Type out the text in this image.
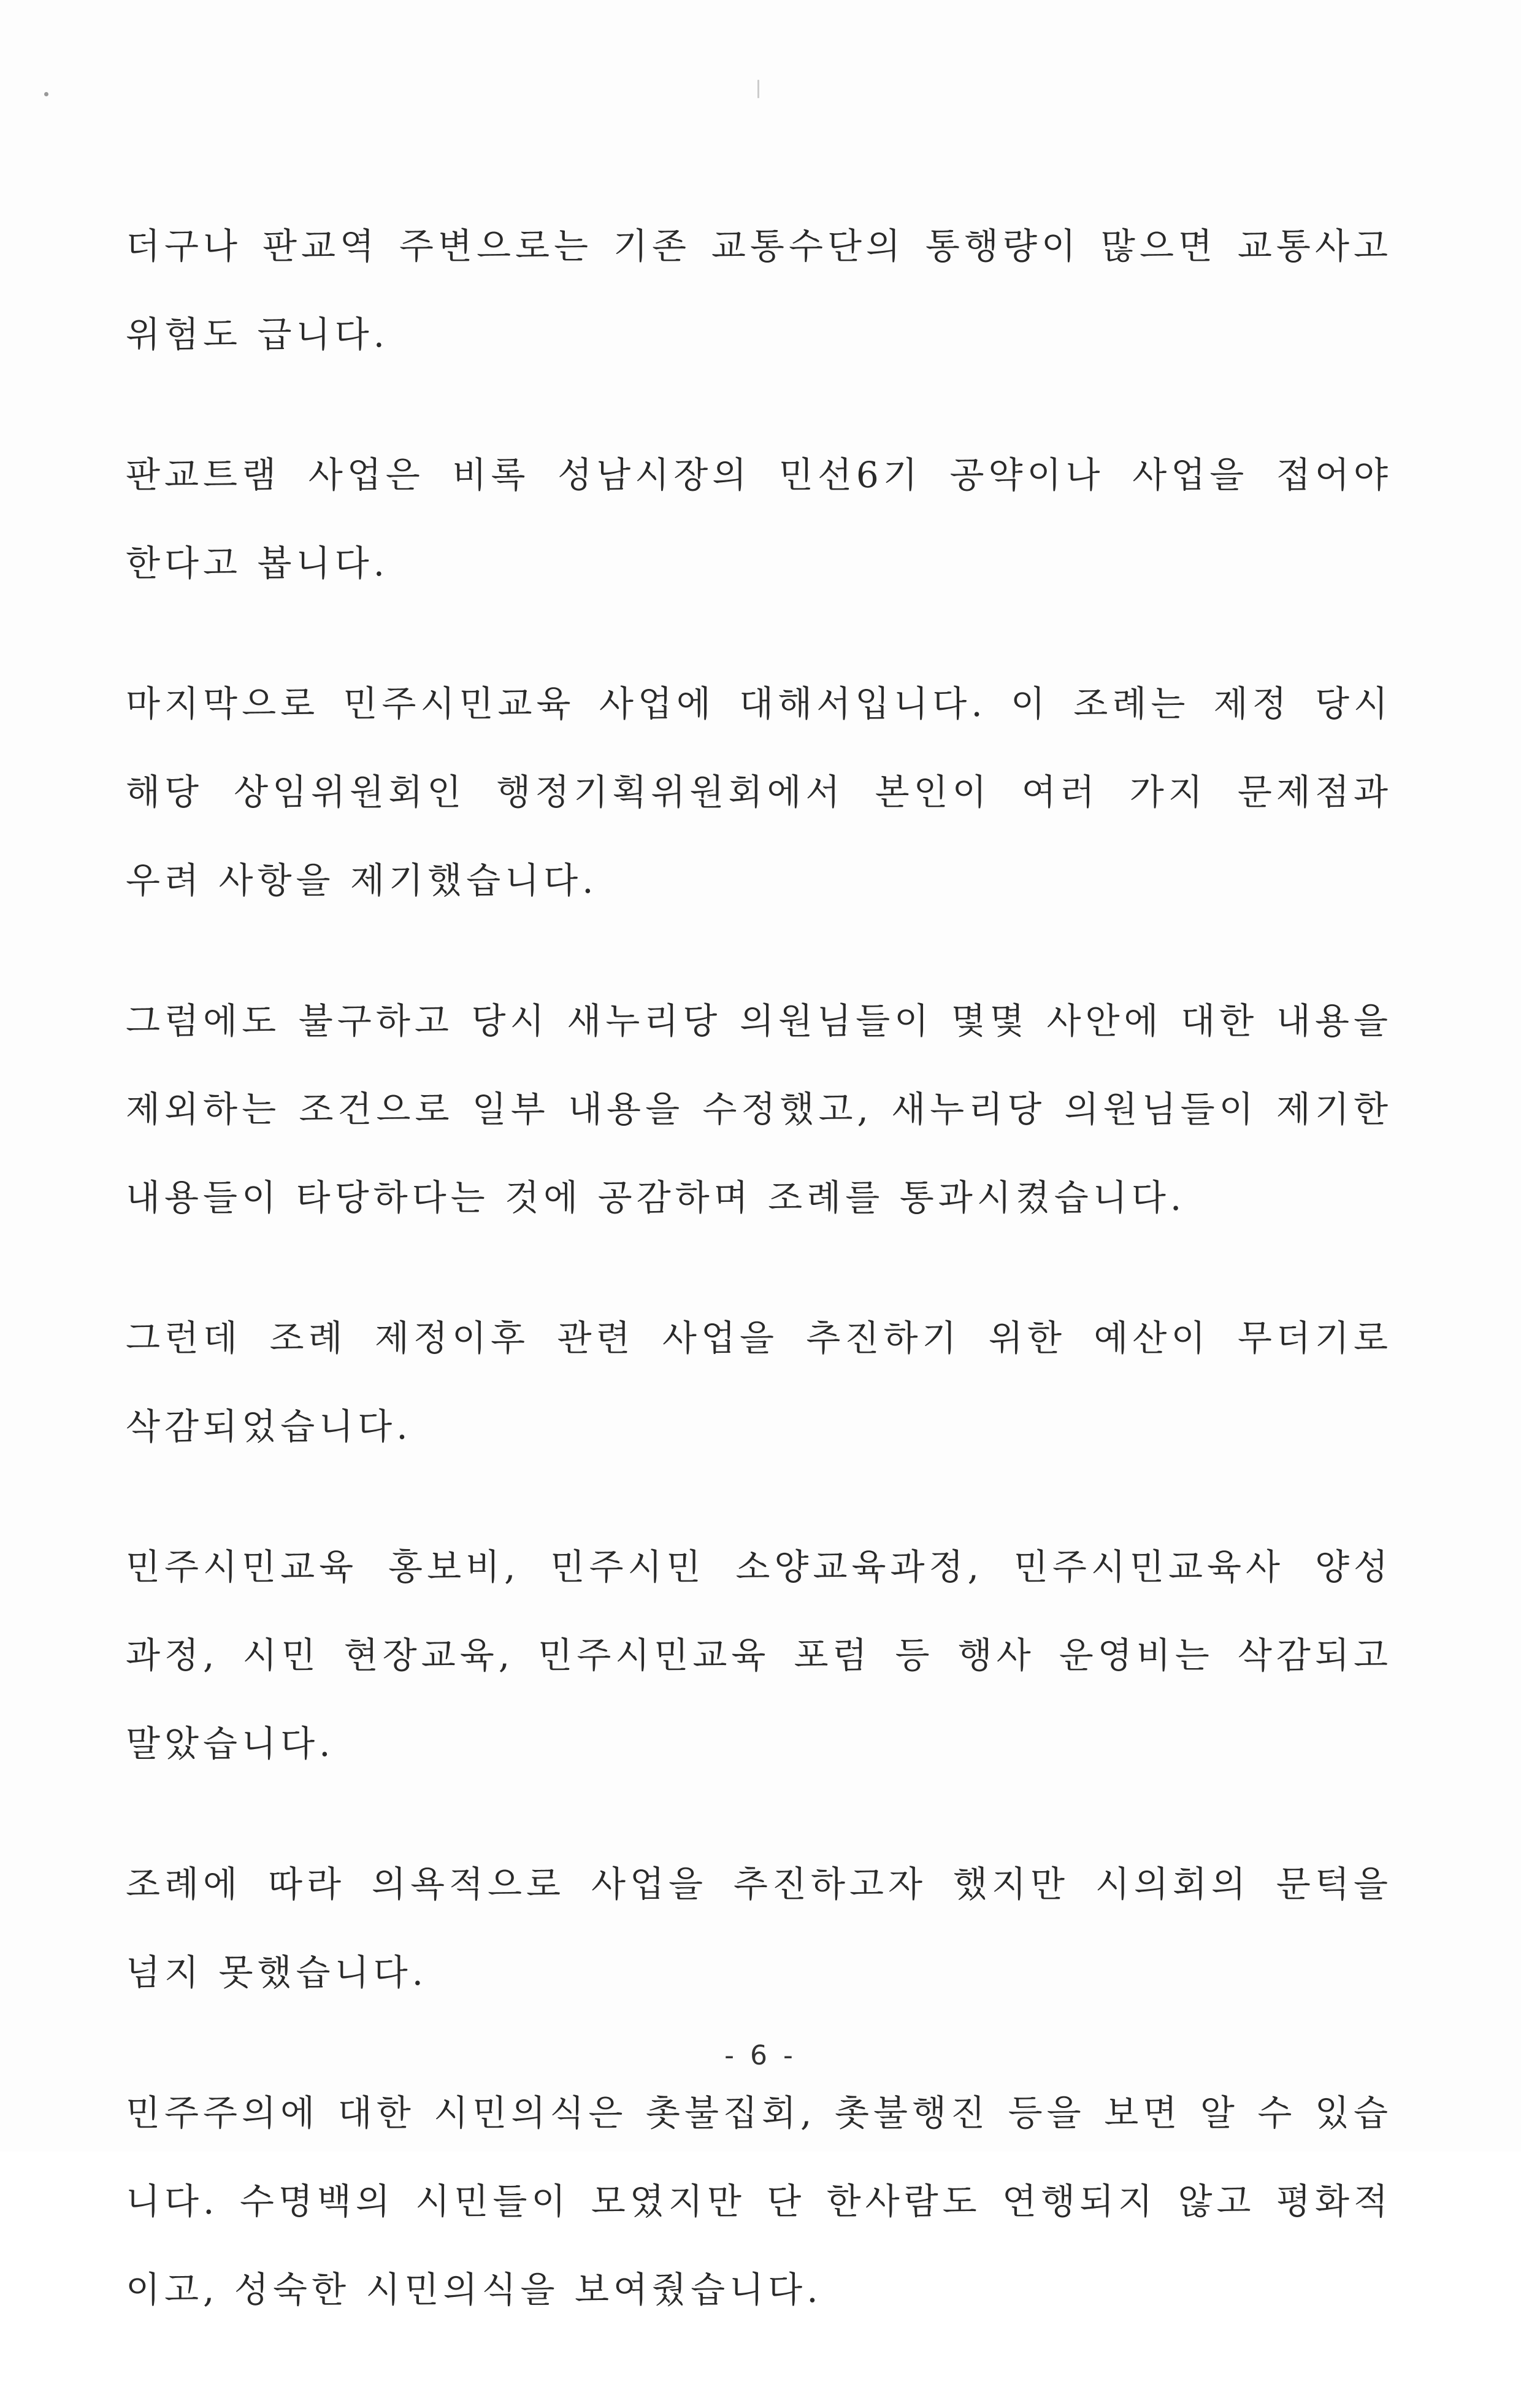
더구나 판교역 주변으로는 기존 교통수단의 통행량이 많으면 교통사고
위험도 급니다.
판교트램 사업은 비록 성남시장의 민선6기 공약이나 사업을 접어야
한다고 봅니다.
마지막으로 민주시민교육 사업에 대해서입니다. 이 조례는 제정 당시
해당 상임위원회인 행정기획위원회에서 본인이 여러 가지 문제점과
우려 사항을 제기했습니다.
그럼에도 불구하고 당시 새누리당 의원님들이 몇몇 사안에 대한 내용을
제외하는 조건으로 일부 내용을 수정했고, 새누리당 의원님들이 제기한
내용들이 타당하다는 것에 공감하며 조례를 통과시켰습니다.
그런데 조례 제정이후 관련 사업을 추진하기 위한 예산이 무더기로
삭감되었습니다.
민주시민교육 홍보비, 민주시민 소양교육과정, 민주시민교육사 양성
과정, 시민 현장교육, 민주시민교육 포럼 등 행사 운영비는 삭감되고
말았습니다.
조례에 따라 의욕적으로 사업을 추진하고자 했지만 시의회의 문턱을
넘지 못했습니다.
민주주의에 대한 시민의식은 촛불집회, 촛불행진 등을 보면 알 수 있습
니다. 수명백의 시민들이 모였지만 단 한사람도 연행되지 않고 평화적
이고, 성숙한 시민의식을 보여줬습니다.
- 6 -
